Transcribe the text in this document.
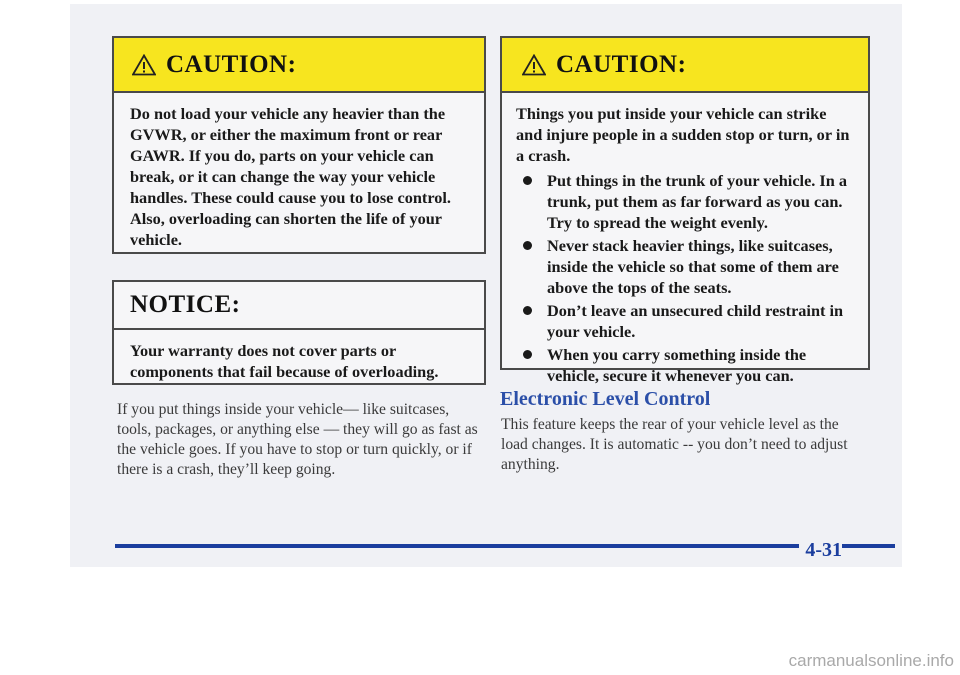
CAUTION:

Do not load your vehicle any heavier than the GVWR, or either the maximum front or rear GAWR. If you do, parts on your vehicle can break, or it can change the way your vehicle handles. These could cause you to lose control. Also, overloading can shorten the life of your vehicle.

NOTICE:

Your warranty does not cover parts or components that fail because of overloading.

If you put things inside your vehicle— like suitcases, tools, packages, or anything else — they will go as fast as the vehicle goes. If you have to stop or turn quickly, or if there is a crash, they’ll keep going.
CAUTION:

Things you put inside your vehicle can strike and injure people in a sudden stop or turn, or in a crash.

Put things in the trunk of your vehicle. In a trunk, put them as far forward as you can. Try to spread the weight evenly.
Never stack heavier things, like suitcases, inside the vehicle so that some of them are above the tops of the seats.
Don’t leave an unsecured child restraint in your vehicle.
When you carry something inside the vehicle, secure it whenever you can.
Electronic Level Control
This feature keeps the rear of your vehicle level as the load changes. It is automatic -- you don’t need to adjust anything.
4-31
carmanualsonline.info
